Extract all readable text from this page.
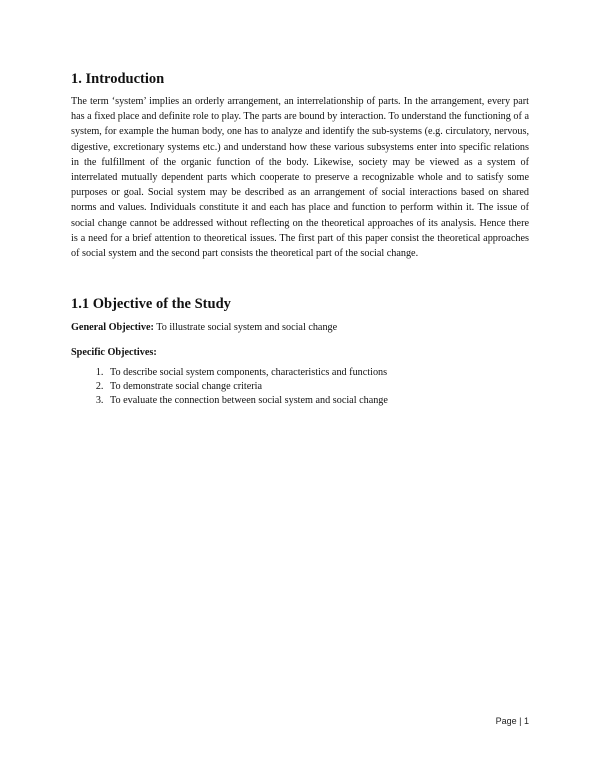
1. Introduction

The term ‘system’ implies an orderly arrangement, an interrelationship of parts. In the arrangement, every part has a fixed place and definite role to play. The parts are bound by interaction. To understand the functioning of a system, for example the human body, one has to analyze and identify the sub-systems (e.g. circulatory, nervous, digestive, excretionary systems etc.) and understand how these various subsystems enter into specific relations in the fulfillment of the organic function of the body. Likewise, society may be viewed as a system of interrelated mutually dependent parts which cooperate to preserve a recognizable whole and to satisfy some purposes or goal. Social system may be described as an arrangement of social interactions based on shared norms and values. Individuals constitute it and each has place and function to perform within it. The issue of social change cannot be addressed without reflecting on the theoretical approaches of its analysis. Hence there is a need for a brief attention to theoretical issues. The first part of this paper consist the theoretical approaches of social system and the second part consists the theoretical part of the social change.

1.1 Objective of the Study

General Objective: To illustrate social system and social change

Specific Objectives:

1. To describe social system components, characteristics and functions
2. To demonstrate social change criteria
3. To evaluate the connection between social system and social change
Page | 1
